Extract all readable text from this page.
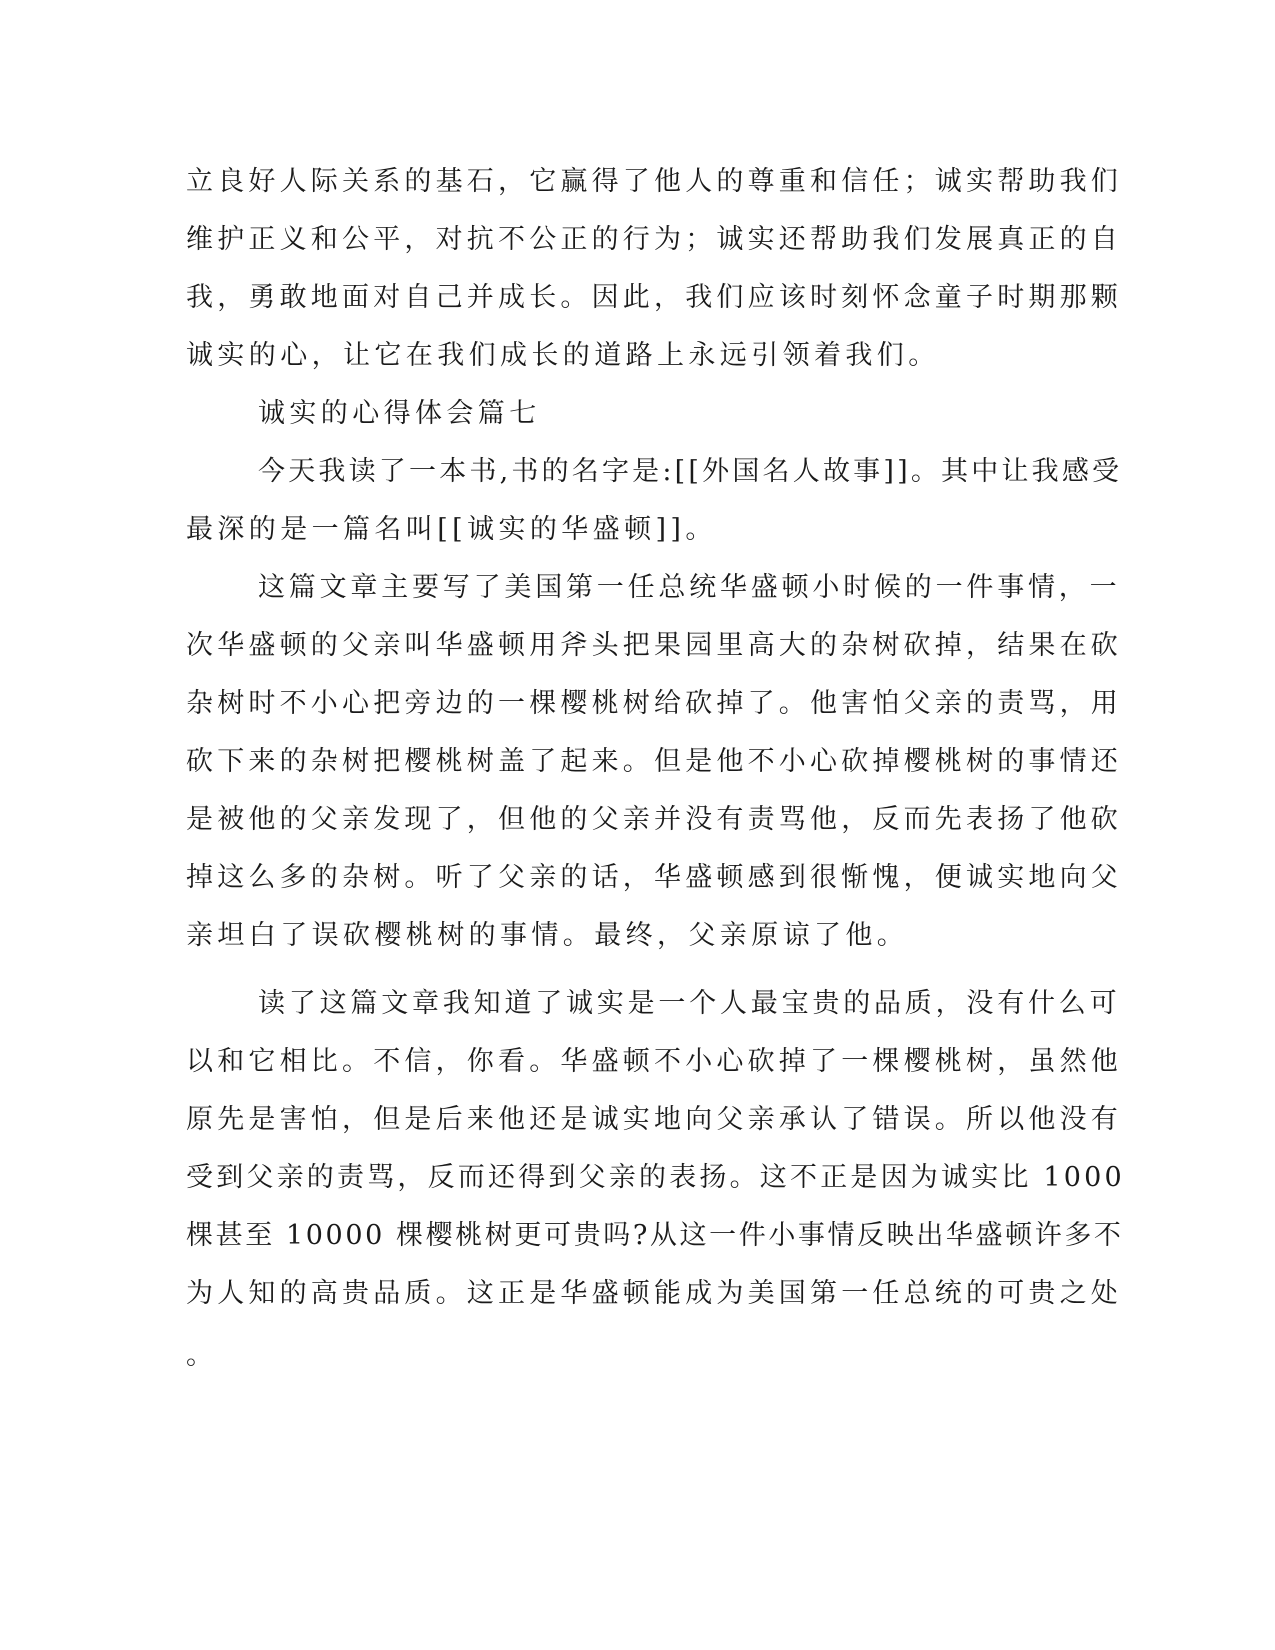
立良好人际关系的基石，它赢得了他人的尊重和信任；诚实帮助我们
维护正义和公平，对抗不公正的行为；诚实还帮助我们发展真正的自
我，勇敢地面对自己并成长。因此，我们应该时刻怀念童子时期那颗
诚实的心，让它在我们成长的道路上永远引领着我们。
诚实的心得体会篇七
今天我读了一本书,书的名字是:[[外国名人故事]]。其中让我感受
最深的是一篇名叫[[诚实的华盛顿]]。
这篇文章主要写了美国第一任总统华盛顿小时候的一件事情，一
次华盛顿的父亲叫华盛顿用斧头把果园里高大的杂树砍掉，结果在砍
杂树时不小心把旁边的一棵樱桃树给砍掉了。他害怕父亲的责骂，用
砍下来的杂树把樱桃树盖了起来。但是他不小心砍掉樱桃树的事情还
是被他的父亲发现了，但他的父亲并没有责骂他，反而先表扬了他砍
掉这么多的杂树。听了父亲的话，华盛顿感到很惭愧，便诚实地向父
亲坦白了误砍樱桃树的事情。最终，父亲原谅了他。
读了这篇文章我知道了诚实是一个人最宝贵的品质，没有什么可
以和它相比。不信，你看。华盛顿不小心砍掉了一棵樱桃树，虽然他
原先是害怕，但是后来他还是诚实地向父亲承认了错误。所以他没有
受到父亲的责骂，反而还得到父亲的表扬。这不正是因为诚实比 1000
棵甚至 10000 棵樱桃树更可贵吗?从这一件小事情反映出华盛顿许多不
为人知的高贵品质。这正是华盛顿能成为美国第一任总统的可贵之处
。
